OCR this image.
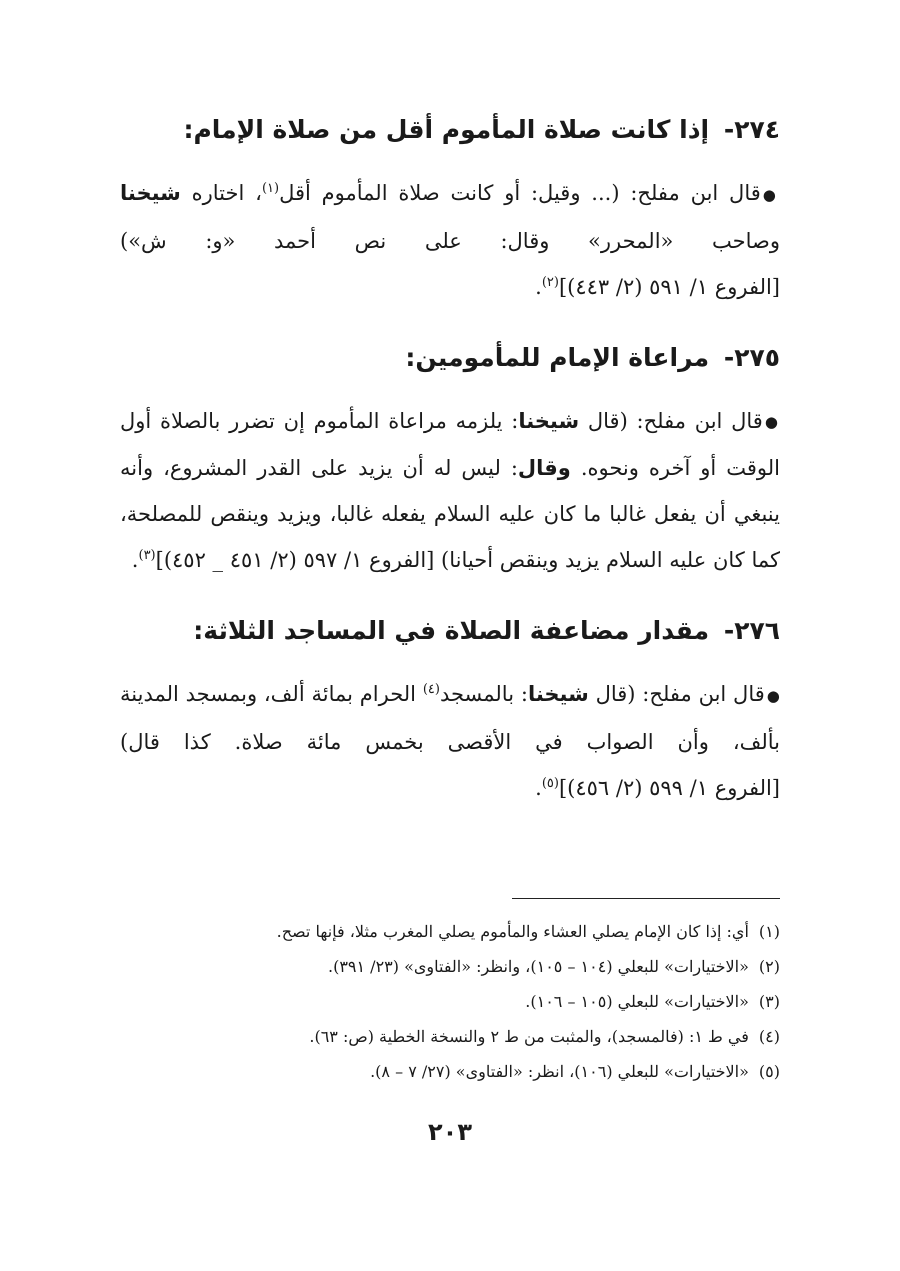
٢٧٤- إذا كانت صلاة المأموم أقل من صلاة الإمام:

●قال ابن مفلح: (... وقيل: أو كانت صلاة المأموم أقل$^{(١)}$، اختاره شيخنا وصاحب «المحرر» وقال: على نص أحمد «و: ش») [الفروع ١/ ٥٩١ (٢/ ٤٤٣)]$^{(٢)}$.

٢٧٥- مراعاة الإمام للمأمومين:

●قال ابن مفلح: (قال شيخنا: يلزمه مراعاة المأموم إن تضرر بالصلاة أول الوقت أو آخره ونحوه. وقال: ليس له أن يزيد على القدر المشروع، وأنه ينبغي أن يفعل غالبا ما كان عليه السلام يفعله غالبا، ويزيد وينقص للمصلحة، كما كان عليه السلام يزيد وينقص أحيانا) [الفروع ١/ ٥٩٧ (٢/ ٤٥١ _ ٤٥٢)]$^{(٣)}$.

٢٧٦- مقدار مضاعفة الصلاة في المساجد الثلاثة:

●قال ابن مفلح: (قال شيخنا: بالمسجد$^{(٤)}$ الحرام بمائة ألف، وبمسجد المدينة بألف، وأن الصواب في الأقصى بخمس مائة صلاة. كذا قال) [الفروع ١/ ٥٩٩ (٢/ ٤٥٦)]$^{(٥)}$.

(١)أي: إذا كان الإمام يصلي العشاء والمأموم يصلي المغرب مثلا، فإنها تصح.
(٢)«الاختيارات» للبعلي (١٠٤ – ١٠٥)، وانظر: «الفتاوى» (٢٣/ ٣٩١).
(٣)«الاختيارات» للبعلي (١٠٥ – ١٠٦).
(٤)في ط ١: (فالمسجد)، والمثبت من ط ٢ والنسخة الخطية (ص: ٦٣).
(٥)«الاختيارات» للبعلي (١٠٦)، انظر: «الفتاوى» (٢٧/ ٧ – ٨).
٢٠٣
